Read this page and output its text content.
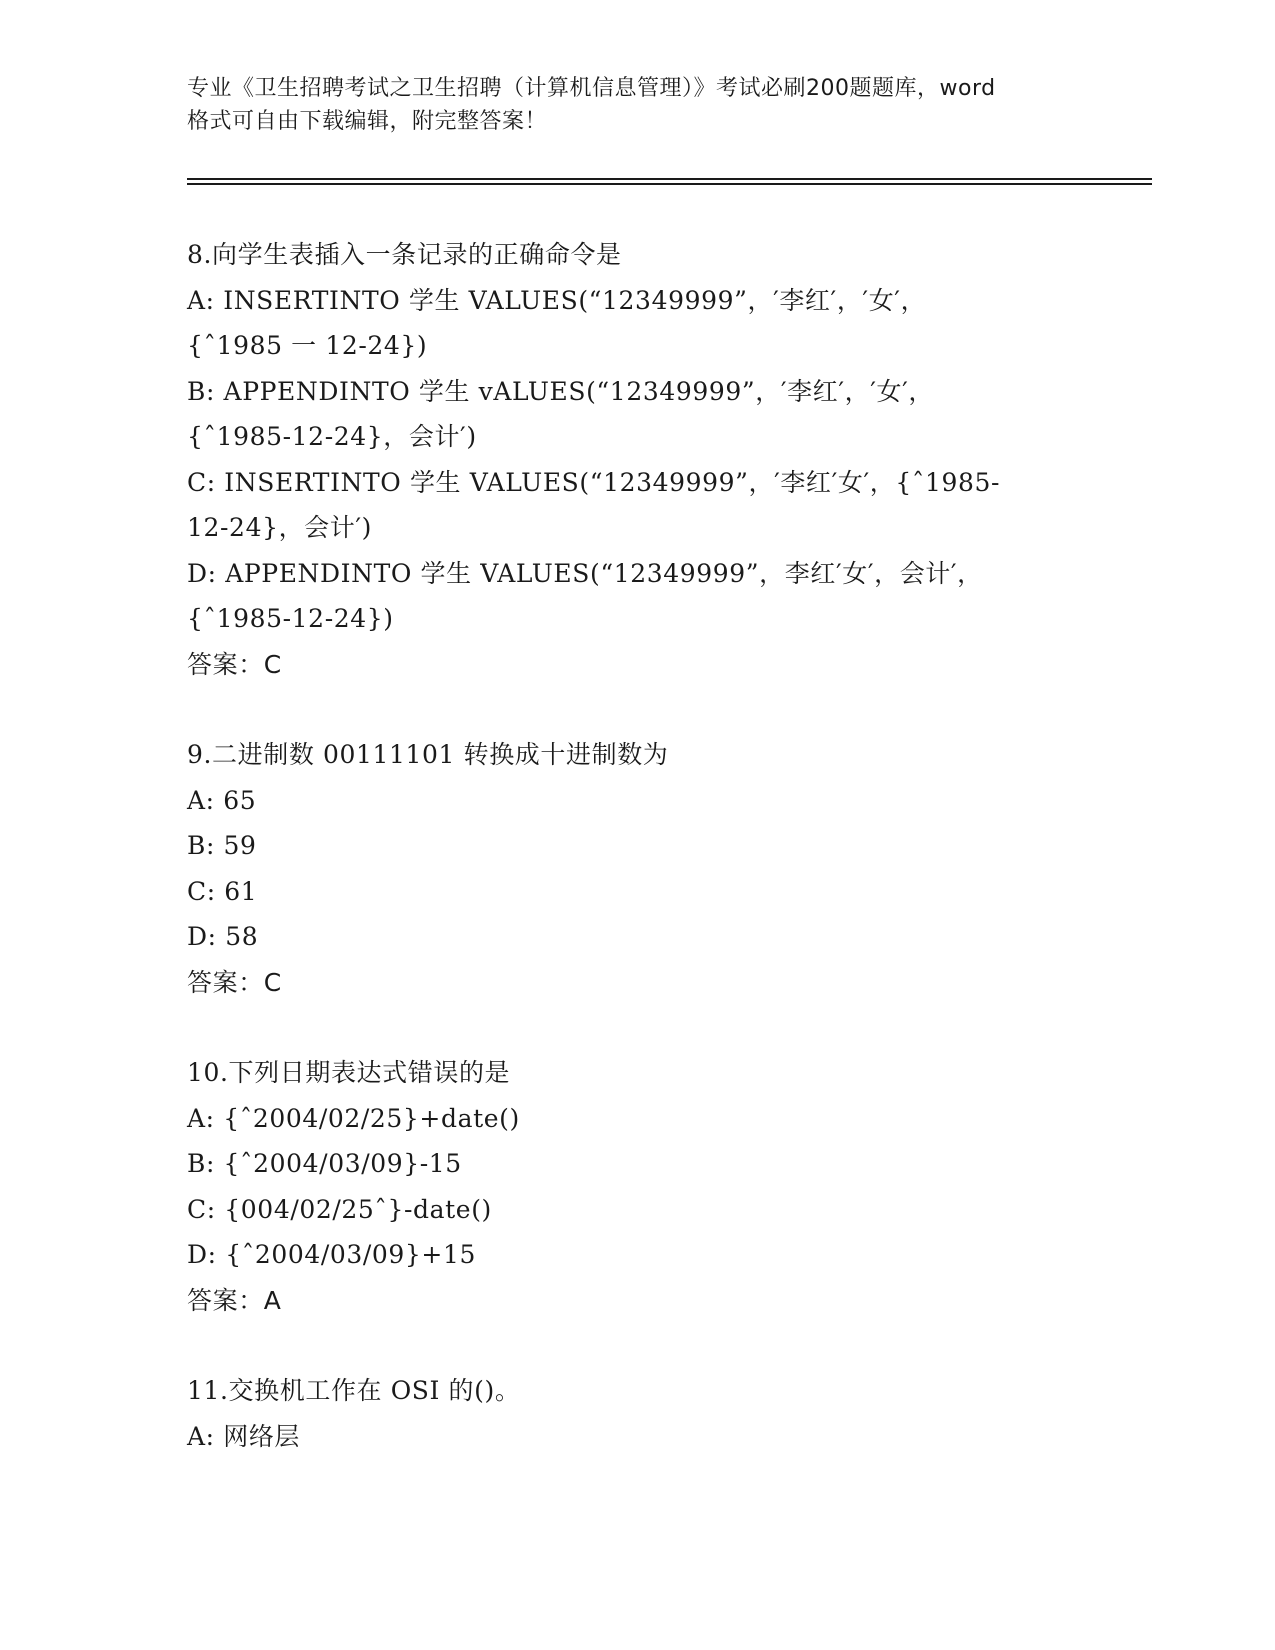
专业《卫生招聘考试之卫生招聘（计算机信息管理）》考试必刷200题题库，word
格式可自由下载编辑，附完整答案！
8.向学生表插入一条记录的正确命令是
A: INSERTINTO 学生 VALUES(“12349999”，′李红′，′女′，
{ˆ1985 一 12-24})
B: APPENDINTO 学生 vALUES(“12349999”，′李红′，′女′，
{ˆ1985-12-24}，会计′)
C: INSERTINTO 学生 VALUES(“12349999”，′李红′女′，{ˆ1985-
12-24}，会计′)
D: APPENDINTO 学生 VALUES(“12349999”，李红′女′，会计′，
{ˆ1985-12-24})
答案：C
9.二进制数 00111101 转换成十进制数为
A: 65
B: 59
C: 61
D: 58
答案：C
10.下列日期表达式错误的是
A: {ˆ2004/02/25}+date()
B: {ˆ2004/03/09}-15
C: {004/02/25ˆ}-date()
D: {ˆ2004/03/09}+15
答案：A
11.交换机工作在 OSI 的()。
A: 网络层
